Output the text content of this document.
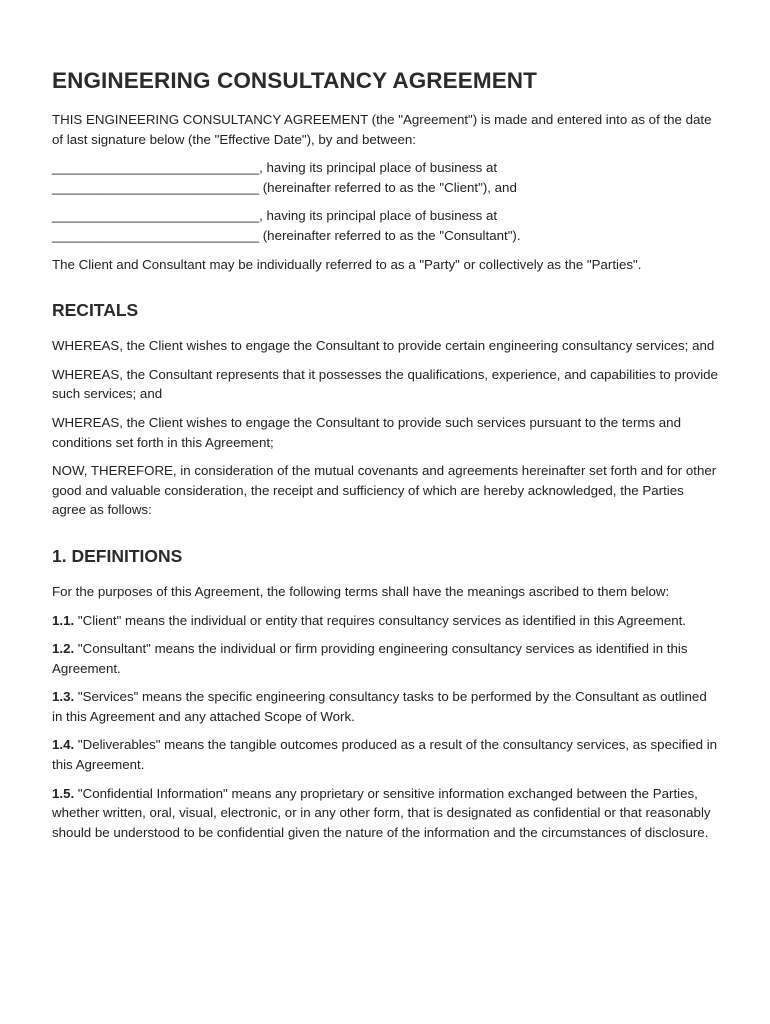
ENGINEERING CONSULTANCY AGREEMENT

THIS ENGINEERING CONSULTANCY AGREEMENT (the "Agreement") is made and entered into as of the date of last signature below (the "Effective Date"), by and between:

____________________________, having its principal place of business at
____________________________ (hereinafter referred to as the "Client"), and
____________________________, having its principal place of business at
____________________________ (hereinafter referred to as the "Consultant").

The Client and Consultant may be individually referred to as a "Party" or collectively as the "Parties".

RECITALS

WHEREAS, the Client wishes to engage the Consultant to provide certain engineering consultancy services; and

WHEREAS, the Consultant represents that it possesses the qualifications, experience, and capabilities to provide such services; and

WHEREAS, the Client wishes to engage the Consultant to provide such services pursuant to the terms and conditions set forth in this Agreement;

NOW, THEREFORE, in consideration of the mutual covenants and agreements hereinafter set forth and for other good and valuable consideration, the receipt and sufficiency of which are hereby acknowledged, the Parties agree as follows:

1. DEFINITIONS

For the purposes of this Agreement, the following terms shall have the meanings ascribed to them below:

1.1. "Client" means the individual or entity that requires consultancy services as identified in this Agreement.

1.2. "Consultant" means the individual or firm providing engineering consultancy services as identified in this Agreement.

1.3. "Services" means the specific engineering consultancy tasks to be performed by the Consultant as outlined in this Agreement and any attached Scope of Work.

1.4. "Deliverables" means the tangible outcomes produced as a result of the consultancy services, as specified in this Agreement.

1.5. "Confidential Information" means any proprietary or sensitive information exchanged between the Parties, whether written, oral, visual, electronic, or in any other form, that is designated as confidential or that reasonably should be understood to be confidential given the nature of the information and the circumstances of disclosure.
